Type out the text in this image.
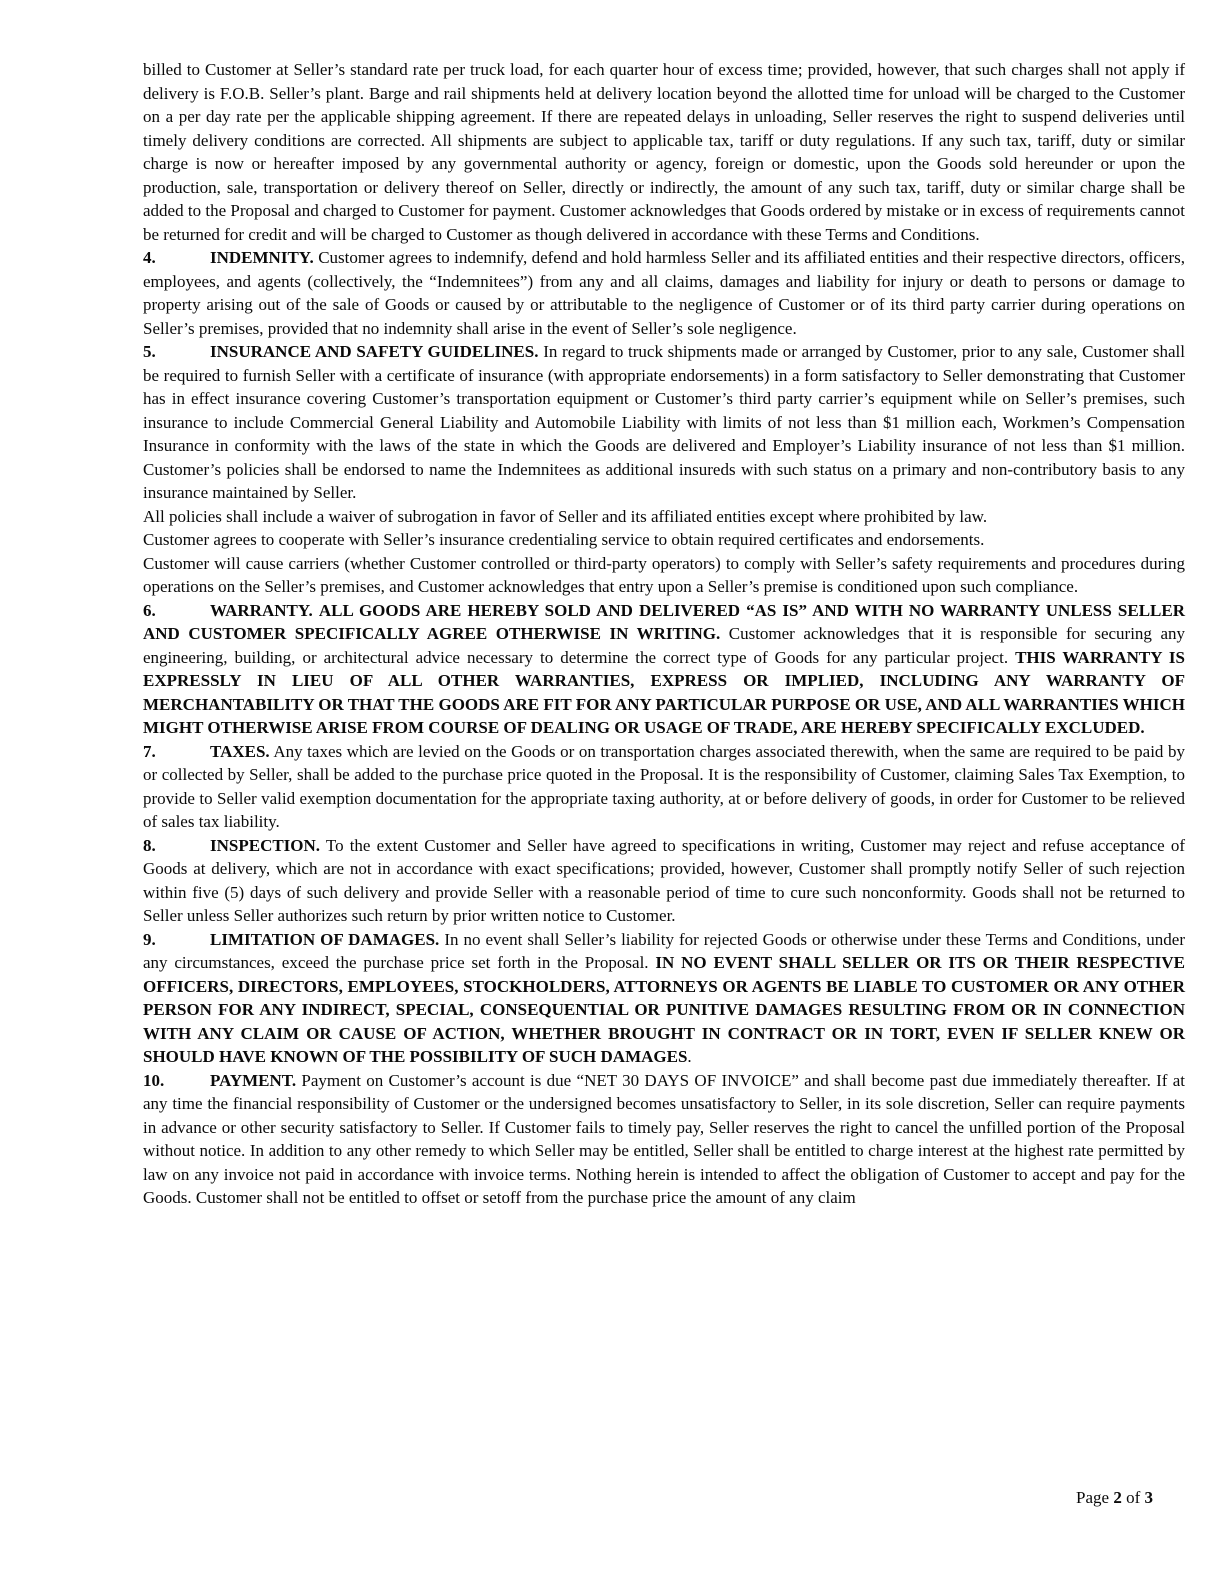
billed to Customer at Seller’s standard rate per truck load, for each quarter hour of excess time; provided, however, that such charges shall not apply if delivery is F.O.B. Seller’s plant. Barge and rail shipments held at delivery location beyond the allotted time for unload will be charged to the Customer on a per day rate per the applicable shipping agreement. If there are repeated delays in unloading, Seller reserves the right to suspend deliveries until timely delivery conditions are corrected. All shipments are subject to applicable tax, tariff or duty regulations. If any such tax, tariff, duty or similar charge is now or hereafter imposed by any governmental authority or agency, foreign or domestic, upon the Goods sold hereunder or upon the production, sale, transportation or delivery thereof on Seller, directly or indirectly, the amount of any such tax, tariff, duty or similar charge shall be added to the Proposal and charged to Customer for payment. Customer acknowledges that Goods ordered by mistake or in excess of requirements cannot be returned for credit and will be charged to Customer as though delivered in accordance with these Terms and Conditions.

4.	INDEMNITY. Customer agrees to indemnify, defend and hold harmless Seller and its affiliated entities and their respective directors, officers, employees, and agents (collectively, the “Indemnitees”) from any and all claims, damages and liability for injury or death to persons or damage to property arising out of the sale of Goods or caused by or attributable to the negligence of Customer or of its third party carrier during operations on Seller’s premises, provided that no indemnity shall arise in the event of Seller’s sole negligence.

5.	INSURANCE AND SAFETY GUIDELINES. In regard to truck shipments made or arranged by Customer, prior to any sale, Customer shall be required to furnish Seller with a certificate of insurance (with appropriate endorsements) in a form satisfactory to Seller demonstrating that Customer has in effect insurance covering Customer’s transportation equipment or Customer’s third party carrier’s equipment while on Seller’s premises, such insurance to include Commercial General Liability and Automobile Liability with limits of not less than $1 million each, Workmen’s Compensation Insurance in conformity with the laws of the state in which the Goods are delivered and Employer’s Liability insurance of not less than $1 million. Customer’s policies shall be endorsed to name the Indemnitees as additional insureds with such status on a primary and non-contributory basis to any insurance maintained by Seller.

All policies shall include a waiver of subrogation in favor of Seller and its affiliated entities except where prohibited by law.

Customer agrees to cooperate with Seller’s insurance credentialing service to obtain required certificates and endorsements.

Customer will cause carriers (whether Customer controlled or third-party operators) to comply with Seller’s safety requirements and procedures during operations on the Seller’s premises, and Customer acknowledges that entry upon a Seller’s premise is conditioned upon such compliance.

6.	WARRANTY. ALL GOODS ARE HEREBY SOLD AND DELIVERED “AS IS” AND WITH NO WARRANTY UNLESS SELLER AND CUSTOMER SPECIFICALLY AGREE OTHERWISE IN WRITING. Customer acknowledges that it is responsible for securing any engineering, building, or architectural advice necessary to determine the correct type of Goods for any particular project. THIS WARRANTY IS EXPRESSLY IN LIEU OF ALL OTHER WARRANTIES, EXPRESS OR IMPLIED, INCLUDING ANY WARRANTY OF MERCHANTABILITY OR THAT THE GOODS ARE FIT FOR ANY PARTICULAR PURPOSE OR USE, AND ALL WARRANTIES WHICH MIGHT OTHERWISE ARISE FROM COURSE OF DEALING OR USAGE OF TRADE, ARE HEREBY SPECIFICALLY EXCLUDED.

7.	TAXES. Any taxes which are levied on the Goods or on transportation charges associated therewith, when the same are required to be paid by or collected by Seller, shall be added to the purchase price quoted in the Proposal. It is the responsibility of Customer, claiming Sales Tax Exemption, to provide to Seller valid exemption documentation for the appropriate taxing authority, at or before delivery of goods, in order for Customer to be relieved of sales tax liability.

8.	INSPECTION. To the extent Customer and Seller have agreed to specifications in writing, Customer may reject and refuse acceptance of Goods at delivery, which are not in accordance with exact specifications; provided, however, Customer shall promptly notify Seller of such rejection within five (5) days of such delivery and provide Seller with a reasonable period of time to cure such nonconformity. Goods shall not be returned to Seller unless Seller authorizes such return by prior written notice to Customer.

9.	LIMITATION OF DAMAGES. In no event shall Seller’s liability for rejected Goods or otherwise under these Terms and Conditions, under any circumstances, exceed the purchase price set forth in the Proposal. IN NO EVENT SHALL SELLER OR ITS OR THEIR RESPECTIVE OFFICERS, DIRECTORS, EMPLOYEES, STOCKHOLDERS, ATTORNEYS OR AGENTS BE LIABLE TO CUSTOMER OR ANY OTHER PERSON FOR ANY INDIRECT, SPECIAL, CONSEQUENTIAL OR PUNITIVE DAMAGES RESULTING FROM OR IN CONNECTION WITH ANY CLAIM OR CAUSE OF ACTION, WHETHER BROUGHT IN CONTRACT OR IN TORT, EVEN IF SELLER KNEW OR SHOULD HAVE KNOWN OF THE POSSIBILITY OF SUCH DAMAGES.

10.	PAYMENT. Payment on Customer’s account is due “NET 30 DAYS OF INVOICE” and shall become past due immediately thereafter. If at any time the financial responsibility of Customer or the undersigned becomes unsatisfactory to Seller, in its sole discretion, Seller can require payments in advance or other security satisfactory to Seller. If Customer fails to timely pay, Seller reserves the right to cancel the unfilled portion of the Proposal without notice. In addition to any other remedy to which Seller may be entitled, Seller shall be entitled to charge interest at the highest rate permitted by law on any invoice not paid in accordance with invoice terms. Nothing herein is intended to affect the obligation of Customer to accept and pay for the Goods. Customer shall not be entitled to offset or setoff from the purchase price the amount of any claim

Page 2 of 3
